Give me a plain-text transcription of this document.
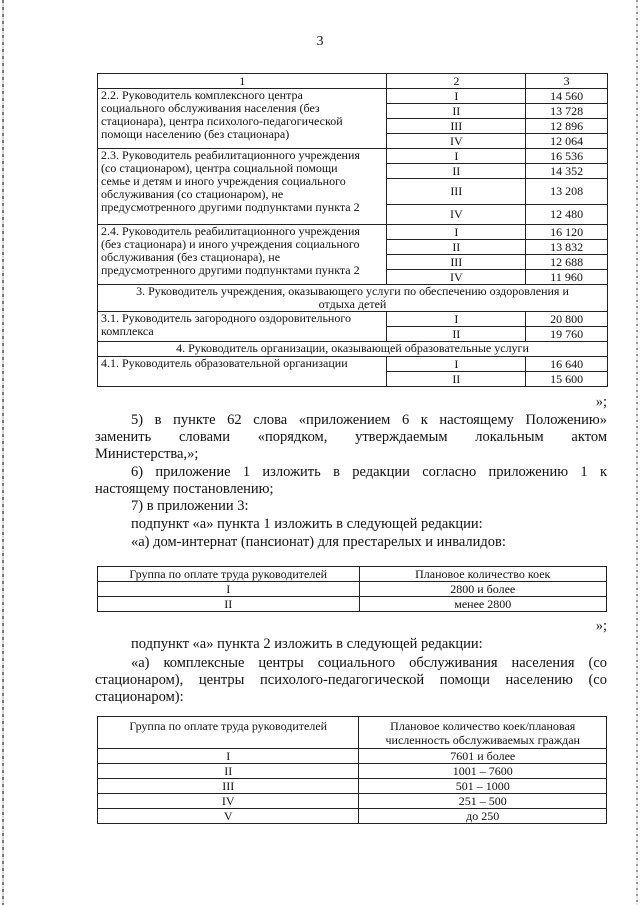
3
1	2	3

2.2. Руководитель комплексного центра
социального обслуживания населения (без
стационара), центра психолого-педагогической
помощи населению (без стационара)	I	14 560
	II	13 728
	III	12 896
	IV	12 064

2.3. Руководитель реабилитационного учреждения
(со стационаром), центра социальной помощи
семье и детям и иного учреждения социального
обслуживания (со стационаром), не
предусмотренного другими подпунктами пункта 2	I	16 536
	II	14 352
	III	13 208
	IV	12 480

2.4. Руководитель реабилитационного учреждения
(без стационара) и иного учреждения социального
обслуживания (без стационара), не
предусмотренного другими подпунктами пункта 2	I	16 120
	II	13 832
	III	12 688
	IV	11 960

3. Руководитель учреждения, оказывающего услуги по обеспечению оздоровления и
отдыха детей		

3.1. Руководитель загородного оздоровительного
комплекса	I	20 800
	II	19 760
4. Руководитель организации, оказывающей образовательные услуги		

4.1. Руководитель образовательной организации	I	16 640
	II	15 600
»;
5) в пункте 62 слова «приложением 6 к настоящему Положению»
заменить словами «порядком, утверждаемым локальным актом
Министерства,»;
6) приложение 1 изложить в редакции согласно приложению 1 к
настоящему постановлению;
7) в приложении 3:
подпункт «а» пункта 1 изложить в следующей редакции:
«а) дом-интернат (пансионат) для престарелых и инвалидов:
Группа по оплате труда руководителей	Плановое количество коек
I	2800 и более
II	менее 2800
»;
подпункт «а» пункта 2 изложить в следующей редакции:
«а) комплексные центры социального обслуживания населения (со
стационаром), центры психолого-педагогической помощи населению (со
стационаром):
Группа по оплате труда руководителей	Плановое количество коек/плановая
численность обслуживаемых граждан

I	7601 и более
II	1001 – 7600
III	501 – 1000
IV	251 – 500
V	до 250
